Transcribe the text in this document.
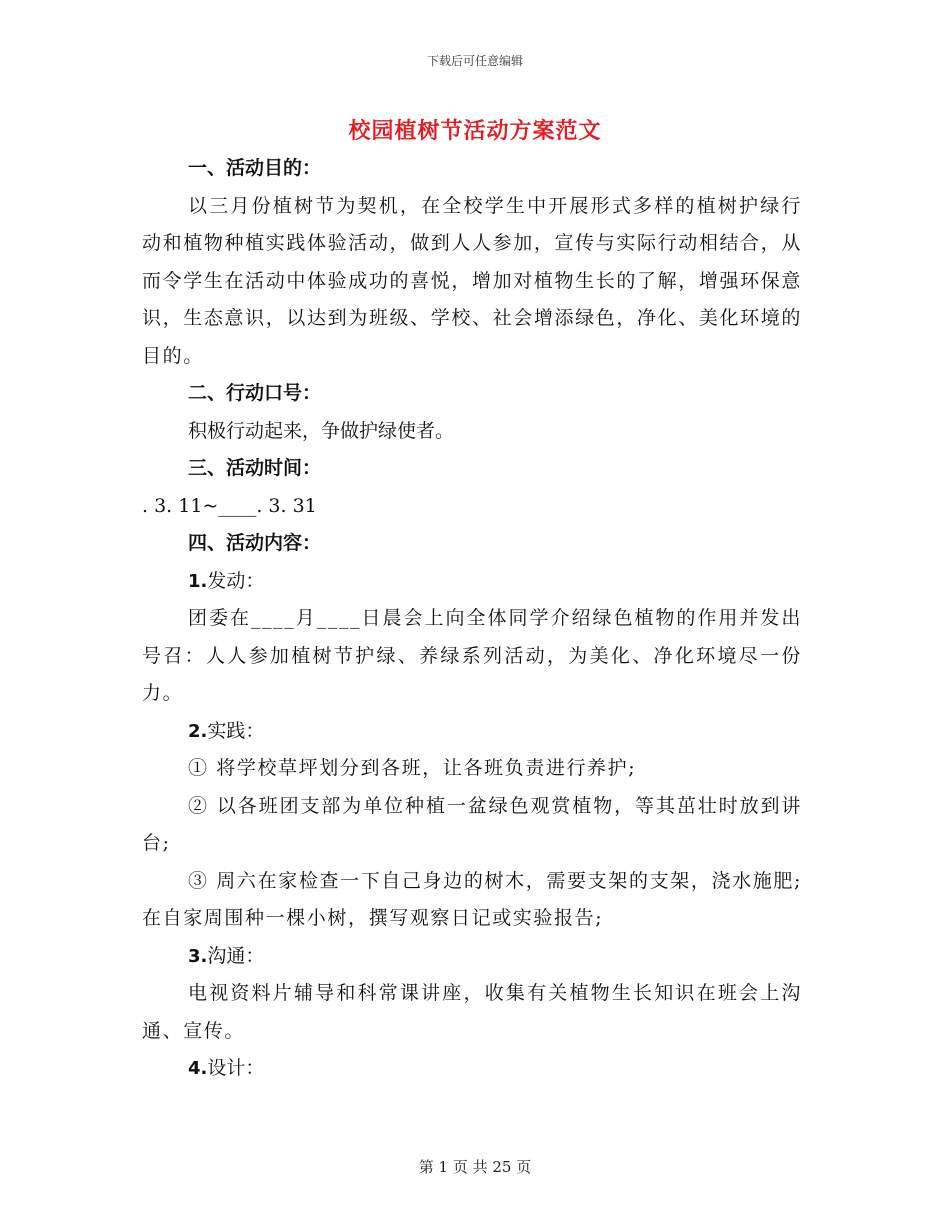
下载后可任意编辑
校园植树节活动方案范文

一、活动目的：

以三月份植树节为契机，在全校学生中开展形式多样的植树护绿行动和植物种植实践体验活动，做到人人参加，宣传与实际行动相结合，从而令学生在活动中体验成功的喜悦，增加对植物生长的了解，增强环保意识，生态意识，以达到为班级、学校、社会增添绿色，净化、美化环境的目的。

二、行动口号：

积极行动起来，争做护绿使者。

三、活动时间：

. 3. 11~____. 3. 31

四、活动内容：

1.发动：

团委在____月____日晨会上向全体同学介绍绿色植物的作用并发出号召：人人参加植树节护绿、养绿系列活动，为美化、净化环境尽一份力。

2.实践：

① 将学校草坪划分到各班，让各班负责进行养护;

② 以各班团支部为单位种植一盆绿色观赏植物，等其茁壮时放到讲台;

③ 周六在家检查一下自己身边的树木，需要支架的支架，浇水施肥;在自家周围种一棵小树，撰写观察日记或实验报告;

3.沟通：

电视资料片辅导和科常课讲座，收集有关植物生长知识在班会上沟通、宣传。

4.设计：

第 1 页 共 25 页
